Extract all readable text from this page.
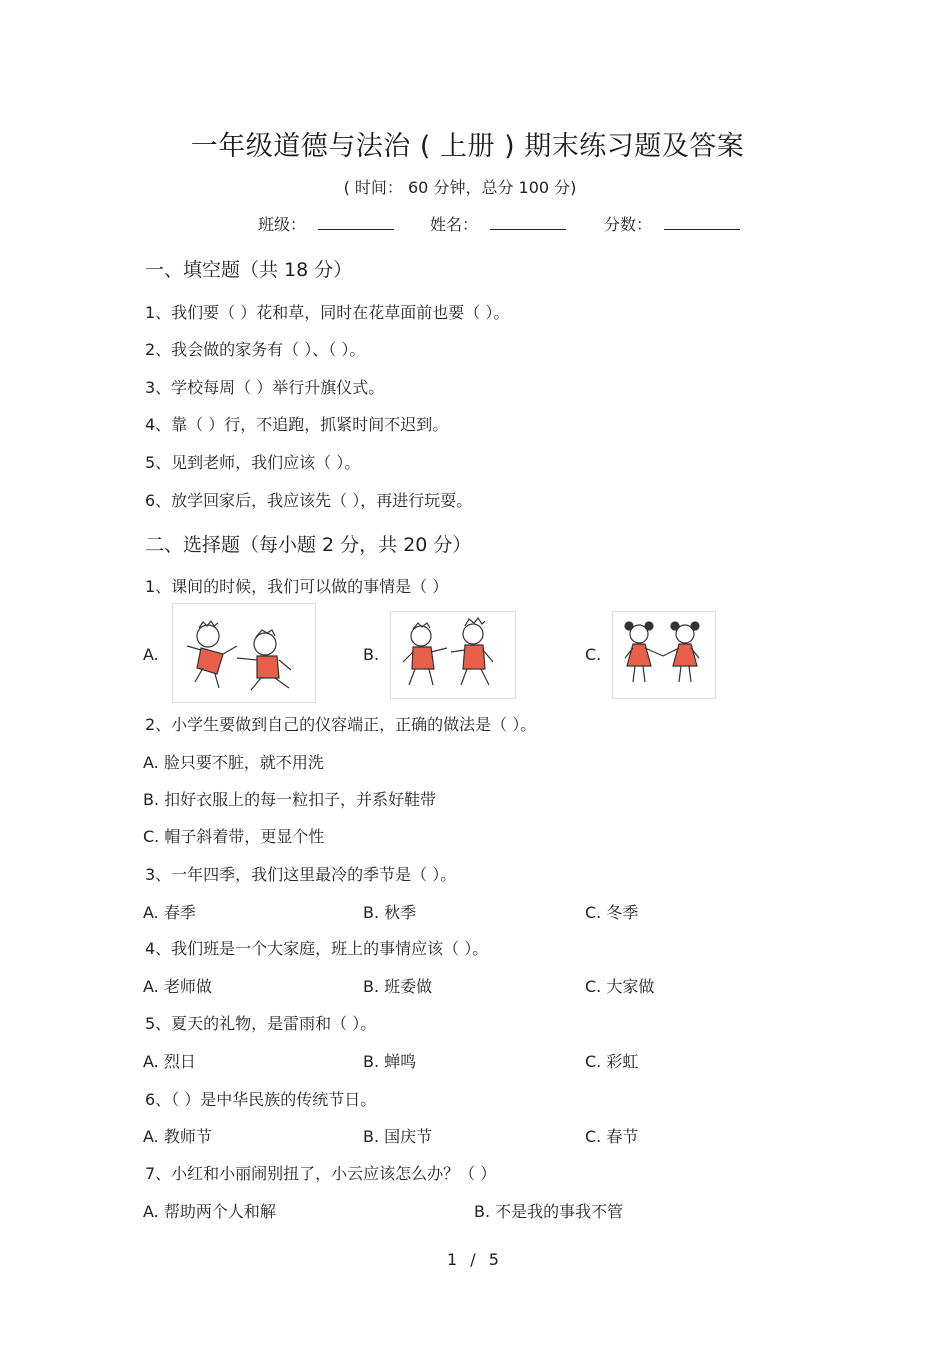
一年级道德与法治 ( 上册 ) 期末练习题及答案
( 时间： 60 分钟，总分 100 分)
班级：	姓名：	分数：
一、填空题（共 18 分）
1、我们要（ ）花和草，同时在花草面前也要（ ）。
2、我会做的家务有（ ）、（ ）。
3、学校每周（ ）举行升旗仪式。
4、靠（ ）行，不追跑，抓紧时间不迟到。
5、见到老师，我们应该（ ）。
6、放学回家后，我应该先（ ），再进行玩耍。
二、选择题（每小题 2 分，共 20 分）
1、课间的时候，我们可以做的事情是（ ）
A.	B.	C.
2、小学生要做到自己的仪容端正，正确的做法是（ ）。
A. 脸只要不脏，就不用洗
B. 扣好衣服上的每一粒扣子，并系好鞋带
C. 帽子斜着带，更显个性
3、一年四季，我们这里最冷的季节是（ ）。
A. 春季	B. 秋季	C. 冬季
4、我们班是一个大家庭，班上的事情应该（ ）。
A. 老师做	B. 班委做	C. 大家做
5、夏天的礼物，是雷雨和（ ）。
A. 烈日	B. 蝉鸣	C. 彩虹
6、（ ）是中华民族的传统节日。
A. 教师节	B. 国庆节	C. 春节
7、小红和小丽闹别扭了，小云应该怎么办？（ ）
A. 帮助两个人和解	B. 不是我的事我不管
1 / 5
